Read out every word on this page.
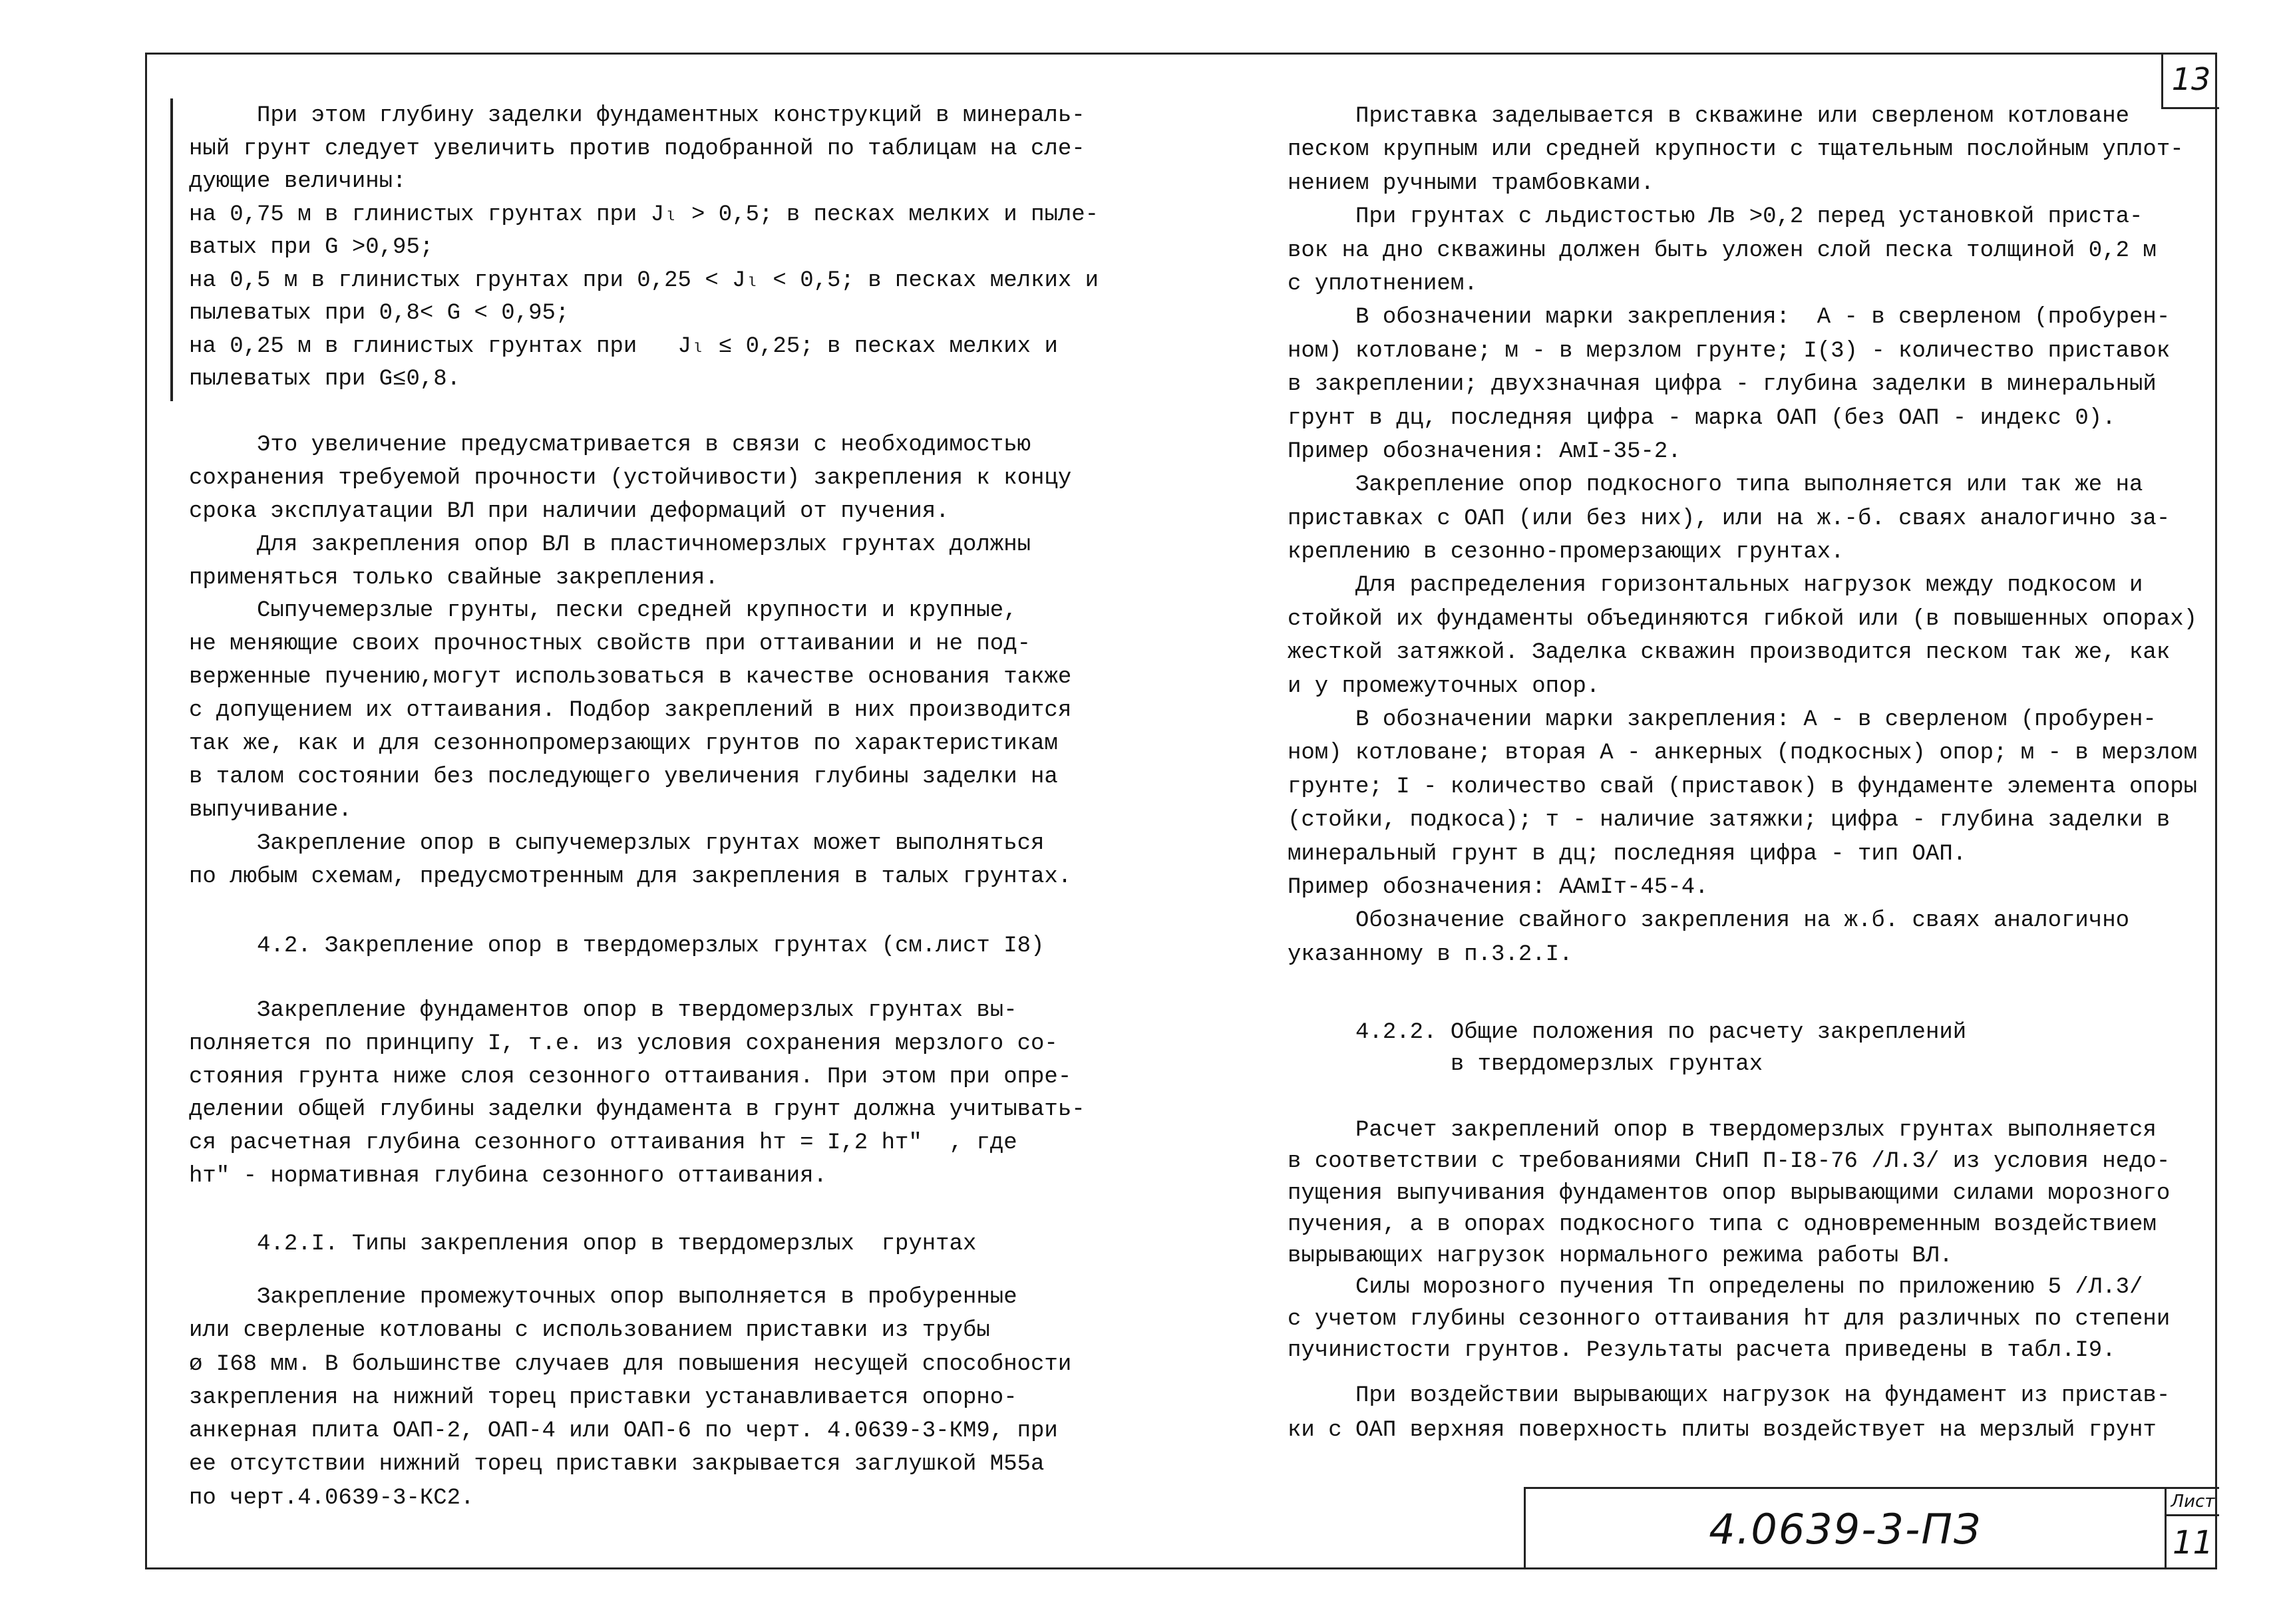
13
При этом глубину заделки фундаментных конструкций в минераль-
ный грунт следует увеличить против подобранной по таблицам на сле-
дующие величины:
на 0,75 м в глинистых грунтах при Jₗ > 0,5; в песках мелких и пыле-
ватых при G >0,95;
на 0,5 м в глинистых грунтах при 0,25 < Jₗ < 0,5; в песках мелких и
пылеватых при 0,8< G < 0,95;
на 0,25 м в глинистых грунтах при   Jₗ ≤ 0,25; в песках мелких и
пылеватых при G≤0,8.
Это увеличение предусматривается в связи с необходимостью
сохранения требуемой прочности (устойчивости) закрепления к концу
срока эксплуатации ВЛ при наличии деформаций от пучения.
Для закрепления опор ВЛ в пластичномерзлых грунтах должны
применяться только свайные закрепления.
Сыпучемерзлые грунты, пески средней крупности и крупные,
не меняющие своих прочностных свойств при оттаивании и не под-
верженные пучению,могут использоваться в качестве основания также
с допущением их оттаивания. Подбор закреплений в них производится
так же, как и для сезоннопромерзающих грунтов по характеристикам
в талом состоянии без последующего увеличения глубины заделки на
выпучивание.
Закрепление опор в сыпучемерзлых грунтах может выполняться
по любым схемам, предусмотренным для закрепления в талых грунтах.
4.2. Закрепление опор в твердомерзлых грунтах (см.лист I8)
Закрепление фундаментов опор в твердомерзлых грунтах вы-
полняется по принципу I, т.е. из условия сохранения мерзлого со-
стояния грунта ниже слоя сезонного оттаивания. При этом при опре-
делении общей глубины заделки фундамента в грунт должна учитывать-
ся расчетная глубина сезонного оттаивания hт = I,2 hт"  , где
hт" - нормативная глубина сезонного оттаивания.
4.2.I. Типы закрепления опор в твердомерзлых  грунтах
Закрепление промежуточных опор выполняется в пробуренные
или сверленые котлованы с использованием приставки из трубы
ø I68 мм. В большинстве случаев для повышения несущей способности
закрепления на нижний торец приставки устанавливается опорно-
анкерная плита ОАП-2, ОАП-4 или ОАП-6 по черт. 4.0639-3-КМ9, при
ее отсутствии нижний торец приставки закрывается заглушкой М55а
по черт.4.0639-3-КС2.
Приставка заделывается в скважине или сверленом котловане
песком крупным или средней крупности с тщательным послойным уплот-
нением ручными трамбовками.
При грунтах с льдистостью Лв >0,2 перед установкой приста-
вок на дно скважины должен быть уложен слой песка толщиной 0,2 м
с уплотнением.
В обозначении марки закрепления:  А - в сверленом (пробурен-
ном) котловане; м - в мерзлом грунте; I(3) - количество приставок
в закреплении; двухзначная цифра - глубина заделки в минеральный
грунт в дц, последняя цифра - марка ОАП (без ОАП - индекс 0).
Пример обозначения: АмI-35-2.
Закрепление опор подкосного типа выполняется или так же на
приставках с ОАП (или без них), или на ж.-б. сваях аналогично за-
креплению в сезонно-промерзающих грунтах.
Для распределения горизонтальных нагрузок между подкосом и
стойкой их фундаменты объединяются гибкой или (в повышенных опорах)
жесткой затяжкой. Заделка скважин производится песком так же, как
и у промежуточных опор.
В обозначении марки закрепления: А - в сверленом (пробурен-
ном) котловане; вторая А - анкерных (подкосных) опор; м - в мерзлом
грунте; I - количество свай (приставок) в фундаменте элемента опоры
(стойки, подкоса); т - наличие затяжки; цифра - глубина заделки в
минеральный грунт в дц; последняя цифра - тип ОАП.
Пример обозначения: ААмIт-45-4.
Обозначение свайного закрепления на ж.б. сваях аналогично
указанному в п.3.2.I.
4.2.2. Общие положения по расчету закреплений
в твердомерзлых грунтах
Расчет закреплений опор в твердомерзлых грунтах выполняется
в соответствии с требованиями СНиП П-I8-76 /Л.3/ из условия недо-
пущения выпучивания фундаментов опор вырывающими силами морозного
пучения, а в опорах подкосного типа с одновременным воздействием
вырывающих нагрузок нормального режима работы ВЛ.
Силы морозного пучения Тп определены по приложению 5 /Л.3/
с учетом глубины сезонного оттаивания hт для различных по степени
пучинистости грунтов. Результаты расчета приведены в табл.I9.
При воздействии вырывающих нагрузок на фундамент из пристав-
ки с ОАП верхняя поверхность плиты воздействует на мерзлый грунт
4.0639-3-ПЗ
Лист
11
